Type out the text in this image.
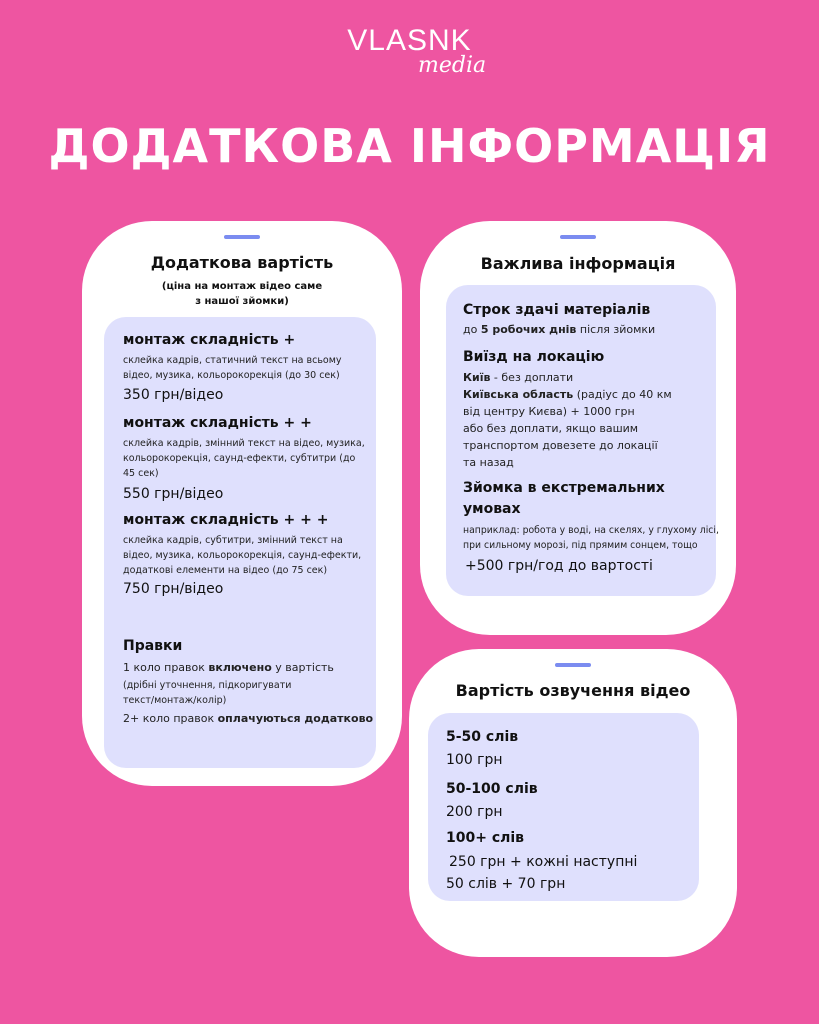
VLASNK
media
ДОДАТКОВА ІНФОРМАЦІЯ
Додаткова вартість
(ціна на монтаж відео саме
з нашої зйомки)
монтаж складність +
склейка кадрів, статичний текст на всьому
відео, музика, кольорокорекція (до 30 сек)
350 грн/відео
монтаж складність + +
склейка кадрів, змінний текст на відео, музика,
кольорокорекція, саунд-ефекти, субтитри (до
45 сек)
550 грн/відео
монтаж складність + + +
склейка кадрів, субтитри, змінний текст на
відео, музика, кольорокорекція, саунд-ефекти,
додаткові елементи на відео (до 75 сек)
750 грн/відео
Правки
1 коло правок включено у вартість
(дрібні уточнення, підкоригувати
текст/монтаж/колір)
2+ коло правок оплачуються додатково
Важлива інформація
Строк здачі матеріалів
до 5 робочих днів після зйомки
Виїзд на локацію
Київ - без доплати
Київська область (радіус до 40 км
від центру Києва) + 1000 грн
або без доплати, якщо вашим
транспортом довезете до локації
та назад
Зйомка в екстремальних
умовах
наприклад: робота у воді, на скелях, у глухому лісі,
при сильному морозі, під прямим сонцем, тощо
+500 грн/год до вартості
Вартість озвучення відео
5-50 слів
100 грн
50-100 слів
200 грн
100+ слів
250 грн + кожні наступні
50 слів + 70 грн
